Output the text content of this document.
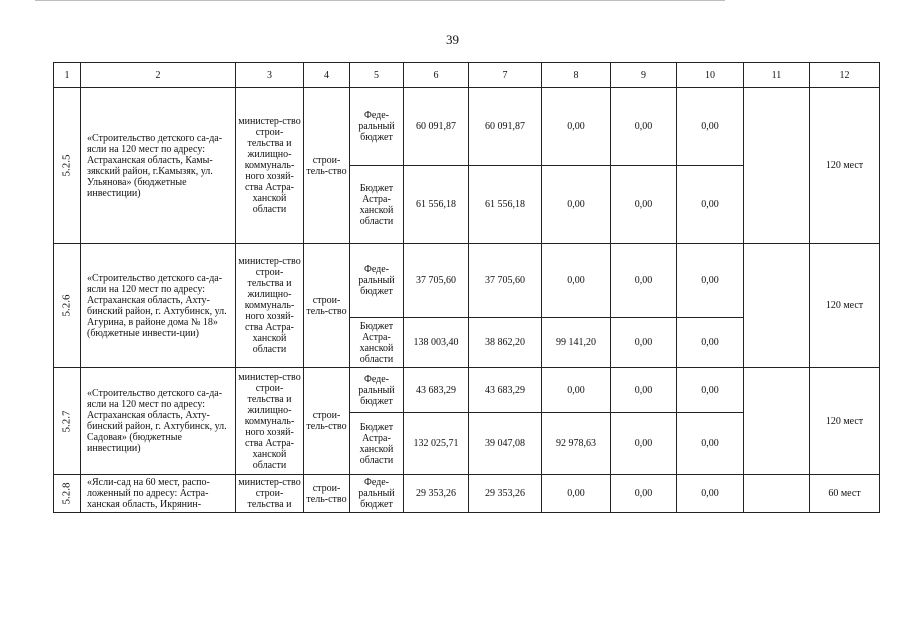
39
1	2	3	4	5	6	7	8	9	10	11	12
5.2.5	«Строительство детского са-да-ясли на 120 мест по адресу: Астраханская область, Камы-зякский район, г.Камызяк, ул. Ульянова» (бюджетные инвестиции)	министер-ство строи-тельства и жилищно-коммуналь-ного хозяй-ства Астра-ханской области	строи-тель-ство	Феде-ральный бюджет	60 091,87	60 091,87	0,00	0,00	0,00		120 мест
				Бюджет Астра-ханской области	61 556,18	61 556,18	0,00	0,00	0,00		
5.2.6	«Строительство детского са-да-ясли на 120 мест по адресу: Астраханская область, Ахту-бинский район, г. Ахтубинск, ул. Агурина, в районе дома № 18» (бюджетные инвести-ции)	министер-ство строи-тельства и жилищно-коммуналь-ного хозяй-ства Астра-ханской области	строи-тель-ство	Феде-ральный бюджет	37 705,60	37 705,60	0,00	0,00	0,00		120 мест
				Бюджет Астра-ханской области	138 003,40	38 862,20	99 141,20	0,00	0,00		
5.2.7	«Строительство детского са-да-ясли на 120 мест по адресу: Астраханская область, Ахту-бинский район, г. Ахтубинск, ул. Садовая» (бюджетные инвестиции)	министер-ство строи-тельства и жилищно-коммуналь-ного хозяй-ства Астра-ханской области	строи-тель-ство	Феде-ральный бюджет	43 683,29	43 683,29	0,00	0,00	0,00		120 мест
				Бюджет Астра-ханской области	132 025,71	39 047,08	92 978,63	0,00	0,00		
5.2.8	«Ясли-сад на 60 мест, распо-ложенный по адресу: Астра-ханская область, Икрянин-	министер-ство строи-тельства и	строи-тель-ство	Феде-ральный бюджет	29 353,26	29 353,26	0,00	0,00	0,00		60 мест
